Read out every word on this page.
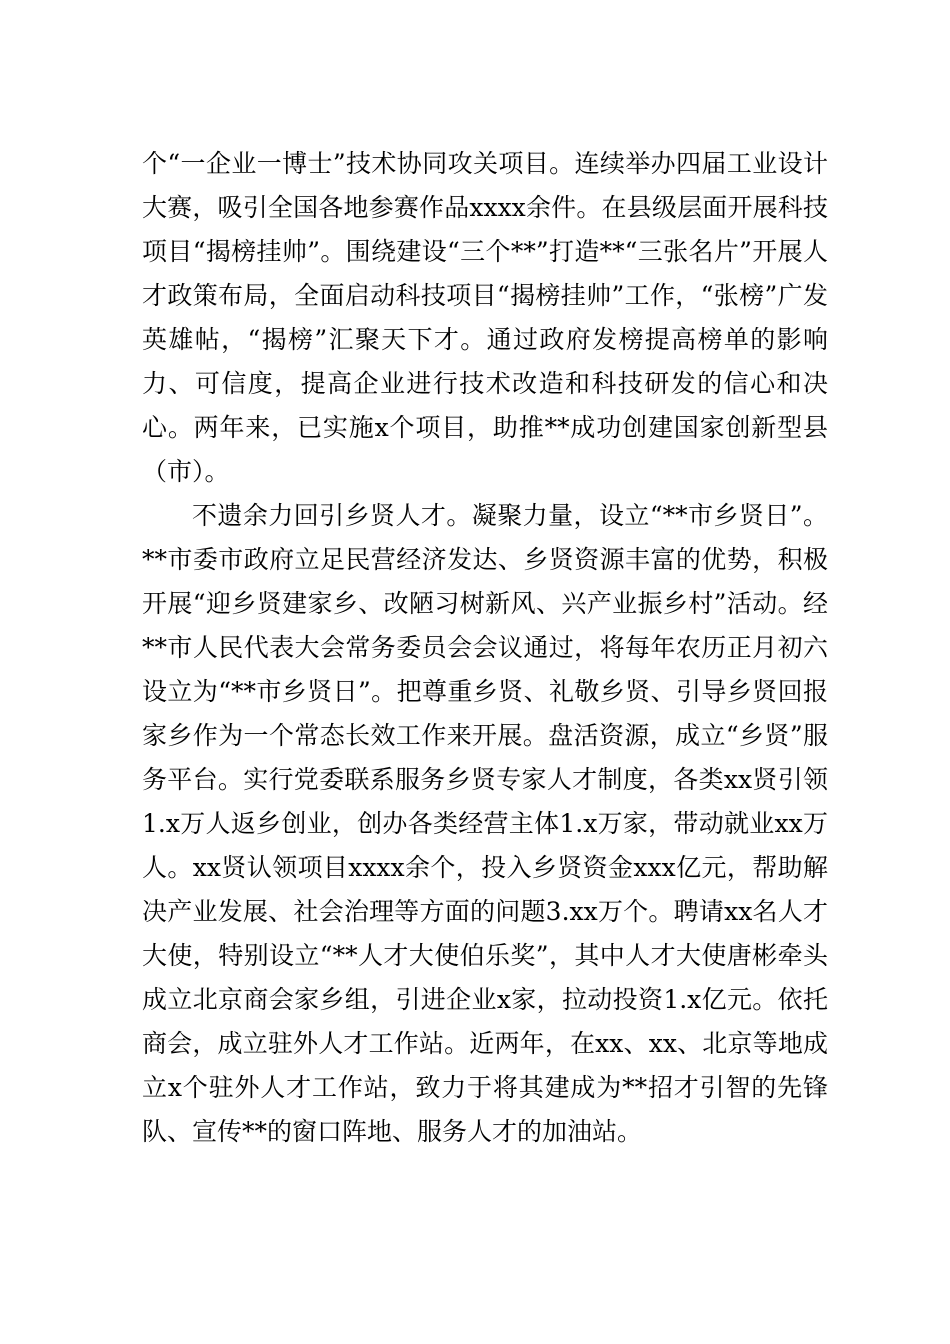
个“一企业一博士”技术协同攻关项目。连续举办四届工业设计大赛，吸引全国各地参赛作品xxxx余件。在县级层面开展科技项目“揭榜挂帅”。围绕建设“三个**”打造**“三张名片”开展人才政策布局，全面启动科技项目“揭榜挂帅”工作，“张榜”广发英雄帖，“揭榜”汇聚天下才。通过政府发榜提高榜单的影响力、可信度，提高企业进行技术改造和科技研发的信心和决心。两年来，已实施x个项目，助推**成功创建国家创新型县（市）。

不遗余力回引乡贤人才。凝聚力量，设立“**市乡贤日”。**市委市政府立足民营经济发达、乡贤资源丰富的优势，积极开展“迎乡贤建家乡、改陋习树新风、兴产业振乡村”活动。经**市人民代表大会常务委员会会议通过，将每年农历正月初六设立为“**市乡贤日”。把尊重乡贤、礼敬乡贤、引导乡贤回报家乡作为一个常态长效工作来开展。盘活资源，成立“乡贤”服务平台。实行党委联系服务乡贤专家人才制度，各类xx贤引领1.x万人返乡创业，创办各类经营主体1.x万家，带动就业xx万人。xx贤认领项目xxxx余个，投入乡贤资金xxx亿元，帮助解决产业发展、社会治理等方面的问题3.xx万个。聘请xx名人才大使，特别设立“**人才大使伯乐奖”，其中人才大使唐彬牵头成立北京商会家乡组，引进企业x家，拉动投资1.x亿元。依托商会，成立驻外人才工作站。近两年，在xx、xx、北京等地成立x个驻外人才工作站，致力于将其建成为**招才引智的先锋队、宣传**的窗口阵地、服务人才的加油站。
